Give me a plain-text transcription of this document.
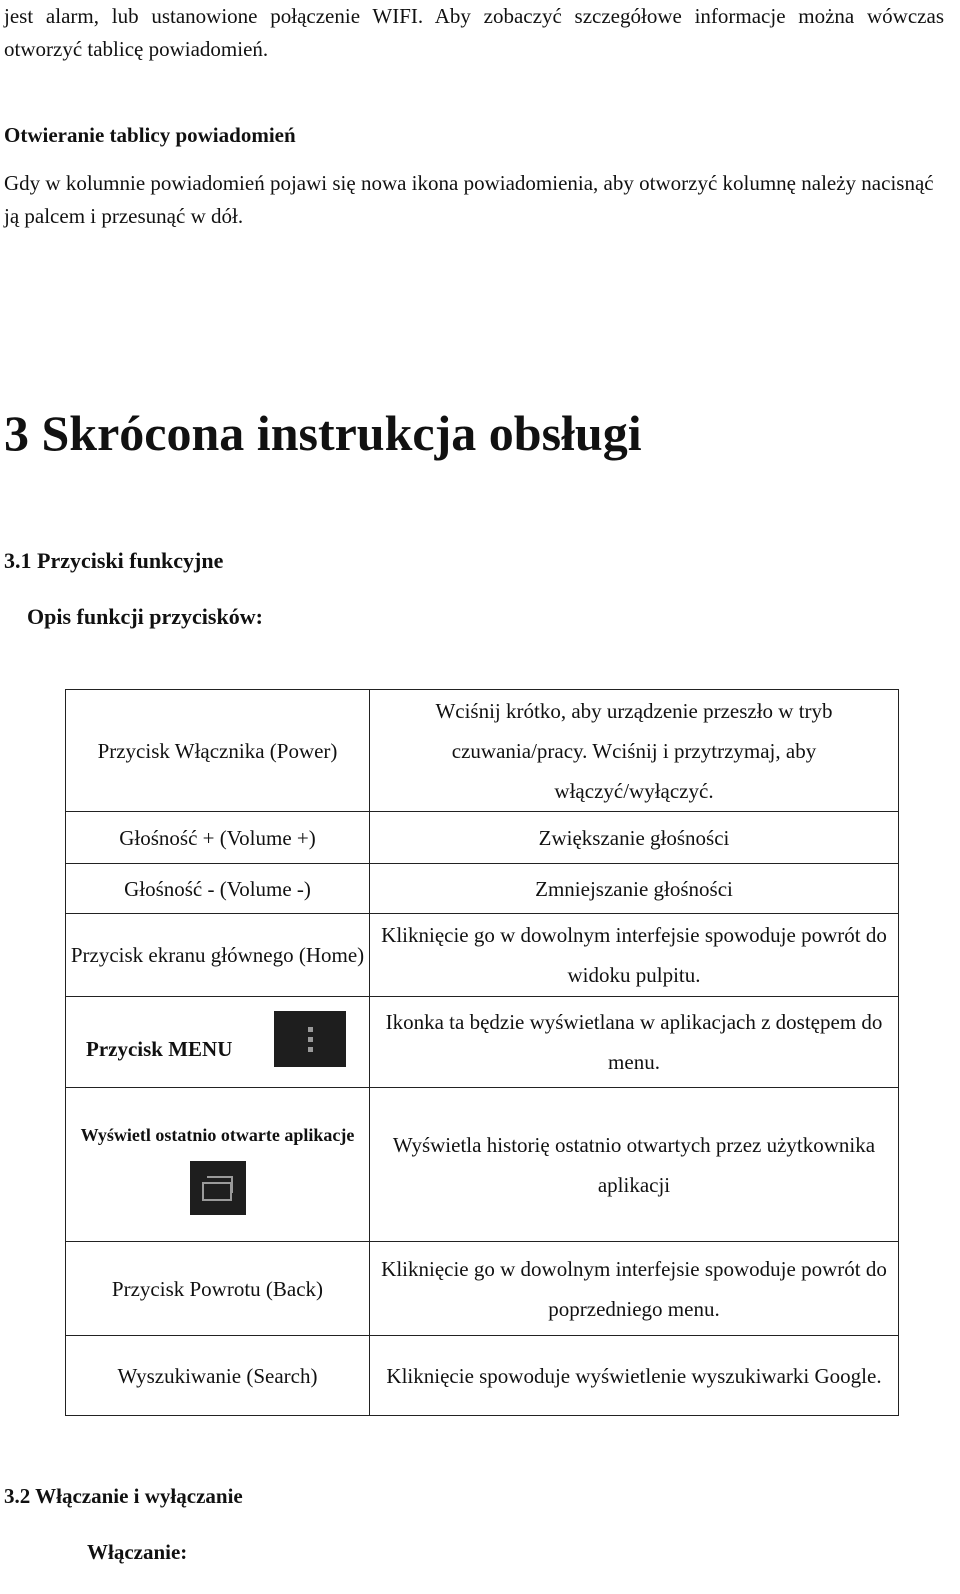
jest alarm, lub ustanowione połączenie WIFI. Aby zobaczyć szczegółowe informacje można wówczas otworzyć tablicę powiadomień.
Otwieranie tablicy powiadomień
Gdy w kolumnie powiadomień pojawi się nowa ikona powiadomienia, aby otworzyć kolumnę należy nacisnąć ją palcem i przesunąć w dół.
3 Skrócona instrukcja obsługi
3.1 Przyciski funkcyjne
Opis funkcji przycisków:
Przycisk Włącznika (Power)	Wciśnij krótko, aby urządzenie przeszło w tryb czuwania/pracy. Wciśnij i przytrzymaj, aby włączyć/wyłączyć.
Głośność + (Volume +)	Zwiększanie głośności
Głośność - (Volume -)	Zmniejszanie głośności
Przycisk ekranu głównego (Home)	Kliknięcie go w dowolnym interfejsie spowoduje powrót do widoku pulpitu.

Przycisk MENU	Ikonka ta będzie wyświetlana w aplikacjach z dostępem do menu.

Wyświetl ostatnio otwarte aplikacje	Wyświetla historię ostatnio otwartych przez użytkownika aplikacji
Przycisk Powrotu (Back)	Kliknięcie go w dowolnym interfejsie spowoduje powrót do poprzedniego menu.
Wyszukiwanie (Search)	Kliknięcie spowoduje wyświetlenie wyszukiwarki Google.
3.2 Włączanie i wyłączanie
Włączanie:
